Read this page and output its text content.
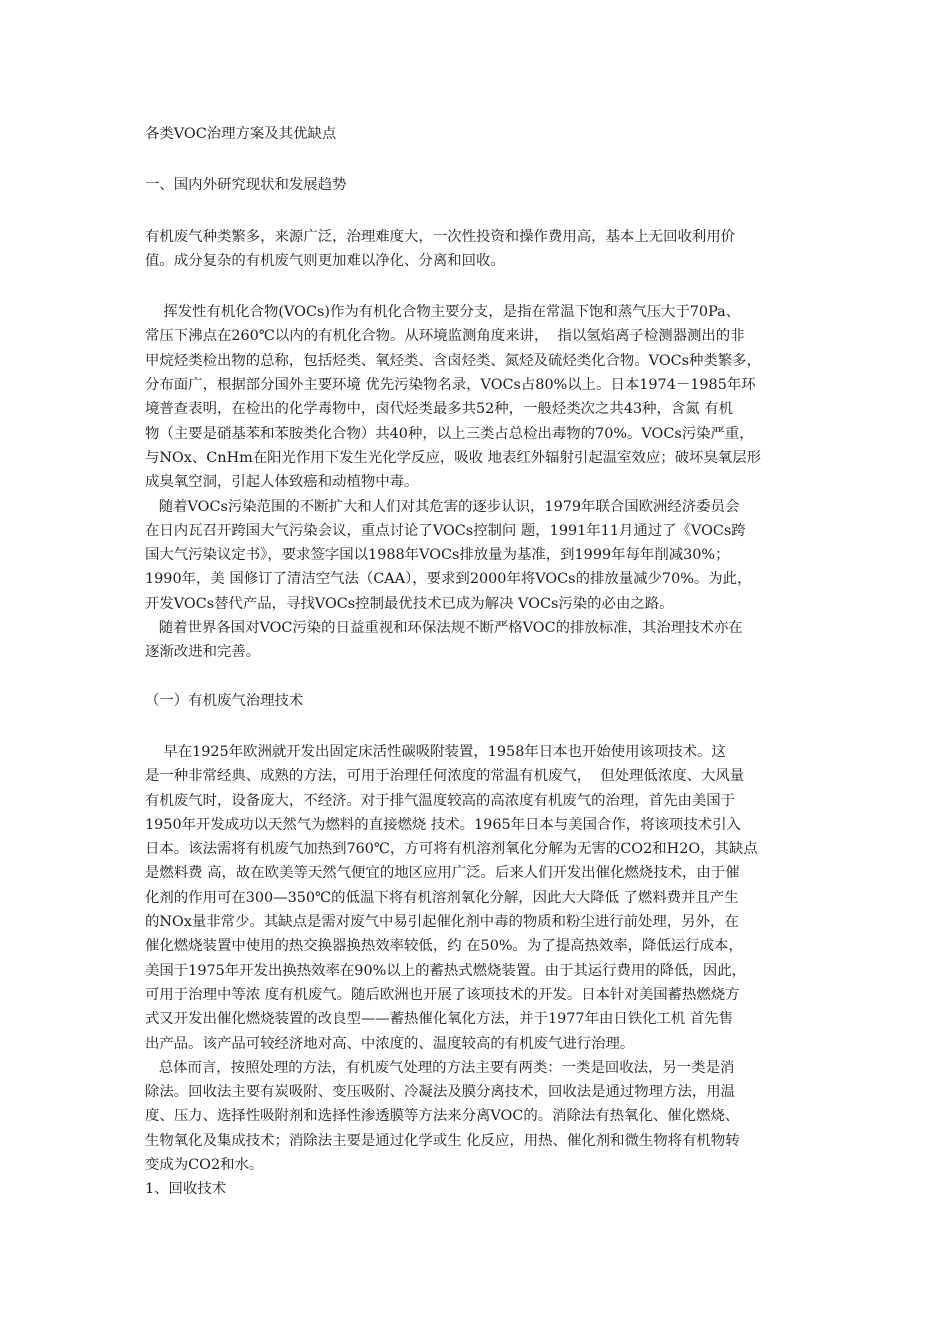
各类VOC治理方案及其优缺点
一、国内外研究现状和发展趋势
有机废气种类繁多，来源广泛，治理难度大，一次性投资和操作费用高，基本上无回收利用价
值。成分复杂的有机废气则更加难以净化、分离和回收。
挥发性有机化合物(VOCs)作为有机化合物主要分支，是指在常温下饱和蒸气压大于70Pa、
常压下沸点在260℃以内的有机化合物。从环境监测角度来讲，  指以氢焰离子检测器测出的非
甲烷烃类检出物的总称，包括烃类、氧烃类、含卤烃类、氮烃及硫烃类化合物。VOCs种类繁多，
分布面广，根据部分国外主要环境 优先污染物名录，VOCs占80%以上。日本1974－1985年环
境普查表明，在检出的化学毒物中，卤代烃类最多共52种，一般烃类次之共43种，含氮 有机
物（主要是硝基苯和苯胺类化合物）共40种，以上三类占总检出毒物的70%。VOCs污染严重，
与NOx、CnHm在阳光作用下发生光化学反应，吸收 地表红外辐射引起温室效应；破坏臭氧层形
成臭氧空洞，引起人体致癌和动植物中毒。
随着VOCs污染范围的不断扩大和人们对其危害的逐步认识，1979年联合国欧洲经济委员会
在日内瓦召开跨国大气污染会议，重点讨论了VOCs控制问 题，1991年11月通过了《VOCs跨
国大气污染议定书》，要求签字国以1988年VOCs排放量为基准，到1999年每年削减30%；
1990年，美 国修订了清洁空气法（CAA），要求到2000年将VOCs的排放量减少70%。为此，
开发VOCs替代产品，寻找VOCs控制最优技术已成为解决 VOCs污染的必由之路。
随着世界各国对VOC污染的日益重视和环保法规不断严格VOC的排放标准，其治理技术亦在
逐渐改进和完善。
（一）有机废气治理技术
早在1925年欧洲就开发出固定床活性碳吸附装置，1958年日本也开始使用该项技术。这
是一种非常经典、成熟的方法，可用于治理任何浓度的常温有机废气，  但处理低浓度、大风量
有机废气时，设备庞大，不经济。对于排气温度较高的高浓度有机废气的治理，首先由美国于
1950年开发成功以天然气为燃料的直接燃烧 技术。1965年日本与美国合作，将该项技术引入
日本。该法需将有机废气加热到760℃，方可将有机溶剂氧化分解为无害的CO2和H2O，其缺点
是燃料费 高，故在欧美等天然气便宜的地区应用广泛。后来人们开发出催化燃烧技术，由于催
化剂的作用可在300—350℃的低温下将有机溶剂氧化分解，因此大大降低 了燃料费并且产生
的NOx量非常少。其缺点是需对废气中易引起催化剂中毒的物质和粉尘进行前处理，另外，在
催化燃烧装置中使用的热交换器换热效率较低，约 在50%。为了提高热效率，降低运行成本，
美国于1975年开发出换热效率在90%以上的蓄热式燃烧装置。由于其运行费用的降低，因此，
可用于治理中等浓 度有机废气。随后欧洲也开展了该项技术的开发。日本针对美国蓄热燃烧方
式又开发出催化燃烧装置的改良型——蓄热催化氧化方法，并于1977年由日铁化工机 首先售
出产品。该产品可较经济地对高、中浓度的、温度较高的有机废气进行治理。
总体而言，按照处理的方法，有机废气处理的方法主要有两类：一类是回收法，另一类是消
除法。回收法主要有炭吸附、变压吸附、冷凝法及膜分离技术，回收法是通过物理方法，用温
度、压力、选择性吸附剂和选择性渗透膜等方法来分离VOC的。消除法有热氧化、催化燃烧、
生物氧化及集成技术；消除法主要是通过化学或生 化反应，用热、催化剂和微生物将有机物转
变成为CO2和水。
1、回收技术
